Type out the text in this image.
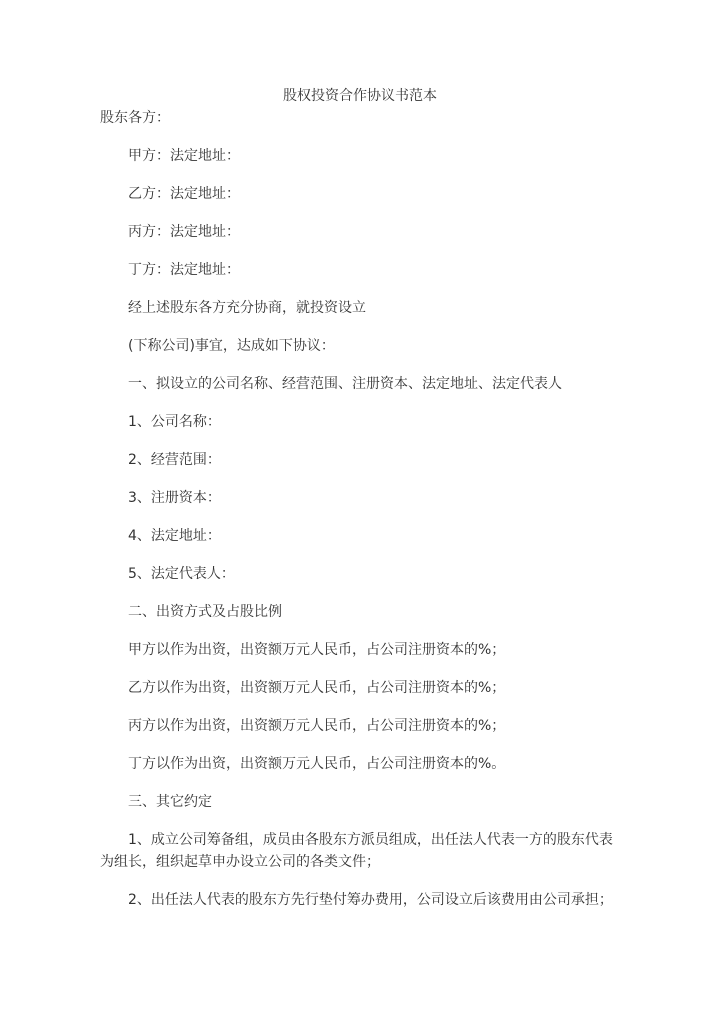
股权投资合作协议书范本

股东各方：

甲方：法定地址：

乙方：法定地址：

丙方：法定地址：

丁方：法定地址：

经上述股东各方充分协商，就投资设立

(下称公司)事宜，达成如下协议：

一、拟设立的公司名称、经营范围、注册资本、法定地址、法定代表人

1、公司名称：

2、经营范围：

3、注册资本：

4、法定地址：

5、法定代表人：

二、出资方式及占股比例

甲方以作为出资，出资额万元人民币，占公司注册资本的%；

乙方以作为出资，出资额万元人民币，占公司注册资本的%；

丙方以作为出资，出资额万元人民币，占公司注册资本的%；

丁方以作为出资，出资额万元人民币，占公司注册资本的%。

三、其它约定

1、成立公司筹备组，成员由各股东方派员组成，出任法人代表一方的股东代表为组长，组织起草申办设立公司的各类文件；

2、出任法人代表的股东方先行垫付筹办费用，公司设立后该费用由公司承担；
